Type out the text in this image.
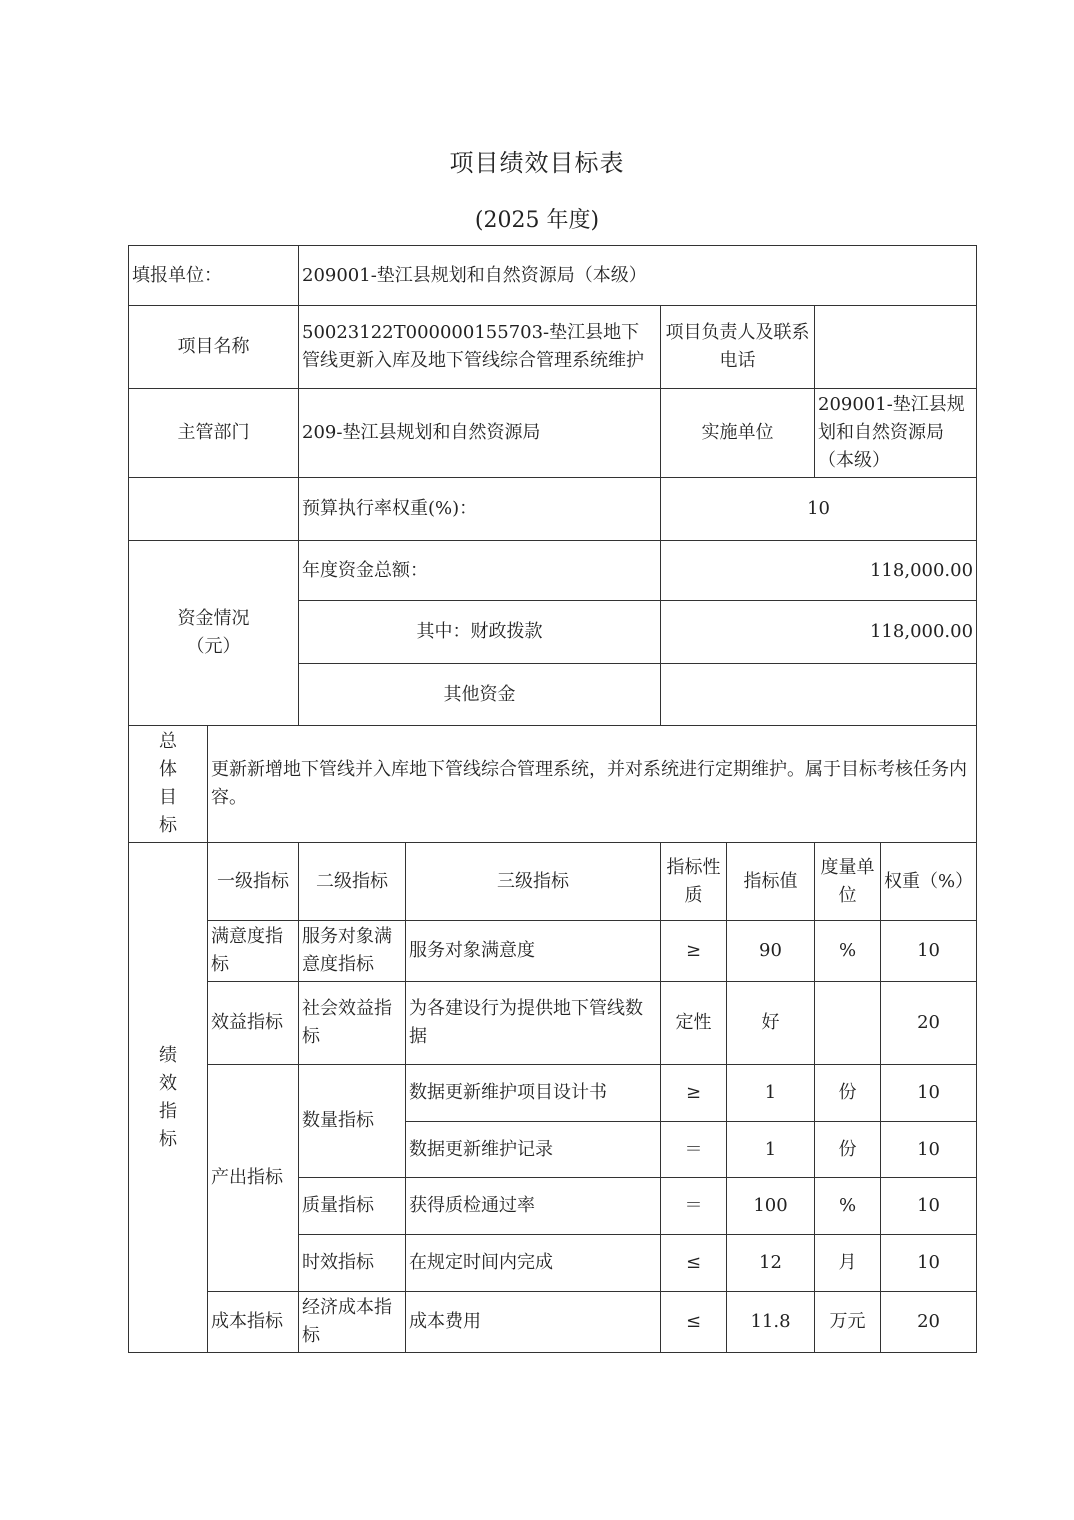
项目绩效目标表
(2025 年度)
填报单位：		209001-垫江县规划和自然资源局（本级）					
项目名称		50023122T000000155703-垫江县地下管线更新入库及地下管线综合管理系统维护		项目负责人及联系电话			
主管部门		209-垫江县规划和自然资源局		实施单位		209001-垫江县规划和自然资源局（本级）	
		预算执行率权重(%)：		10			
资金情况
（元）		年度资金总额：		118,000.00			
		其中：财政拨款		118,000.00			
		其他资金					

总
体
目
标	更新新增地下管线并入库地下管线综合管理系统，并对系统进行定期维护。属于目标考核任务内容。						

绩
效
指
标	一级指标	二级指标	三级指标	指标性质	指标值	度量单位	权重（%）
	满意度指标	服务对象满意度指标	服务对象满意度	≥	90	%	10
	效益指标	社会效益指标	为各建设行为提供地下管线数据	定性	好		20
	产出指标	数量指标	数据更新维护项目设计书	≥	1	份	10
			数据更新维护记录	＝	1	份	10
		质量指标	获得质检通过率	＝	100	%	10
		时效指标	在规定时间内完成	≤	12	月	10
	成本指标	经济成本指标	成本费用	≤	11.8	万元	20
